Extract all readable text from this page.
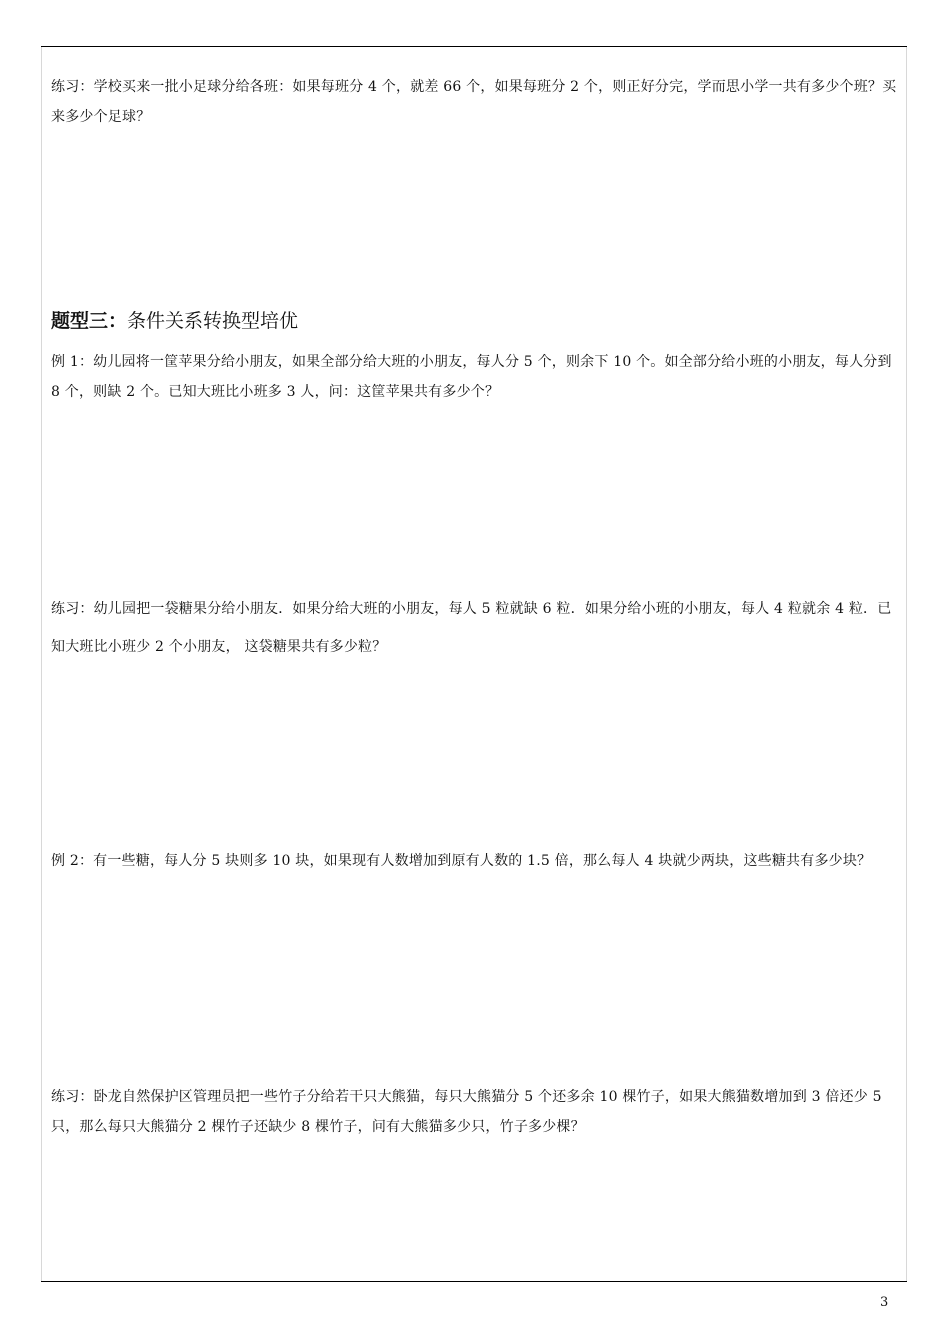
练习：学校买来一批小足球分给各班：如果每班分 4 个，就差 66 个，如果每班分 2 个，则正好分完，学而思小学一共有多少个班？买来多少个足球？
题型三：条件关系转换型培优
例 1：幼儿园将一筐苹果分给小朋友，如果全部分给大班的小朋友，每人分 5 个，则余下 10 个。如全部分给小班的小朋友，每人分到 8 个，则缺 2 个。已知大班比小班多 3 人，问：这筐苹果共有多少个？
练习：幼儿园把一袋糖果分给小朋友．如果分给大班的小朋友，每人 5 粒就缺 6 粒．如果分给小班的小朋友，每人 4 粒就余 4 粒．已知大班比小班少 2 个小朋友， 这袋糖果共有多少粒？
例 2：有一些糖，每人分 5 块则多 10 块，如果现有人数增加到原有人数的 1.5 倍，那么每人 4 块就少两块，这些糖共有多少块？
练习：卧龙自然保护区管理员把一些竹子分给若干只大熊猫，每只大熊猫分 5 个还多余 10 棵竹子，如果大熊猫数增加到 3 倍还少 5 只，那么每只大熊猫分 2 棵竹子还缺少 8 棵竹子，问有大熊猫多少只，竹子多少棵？
3
